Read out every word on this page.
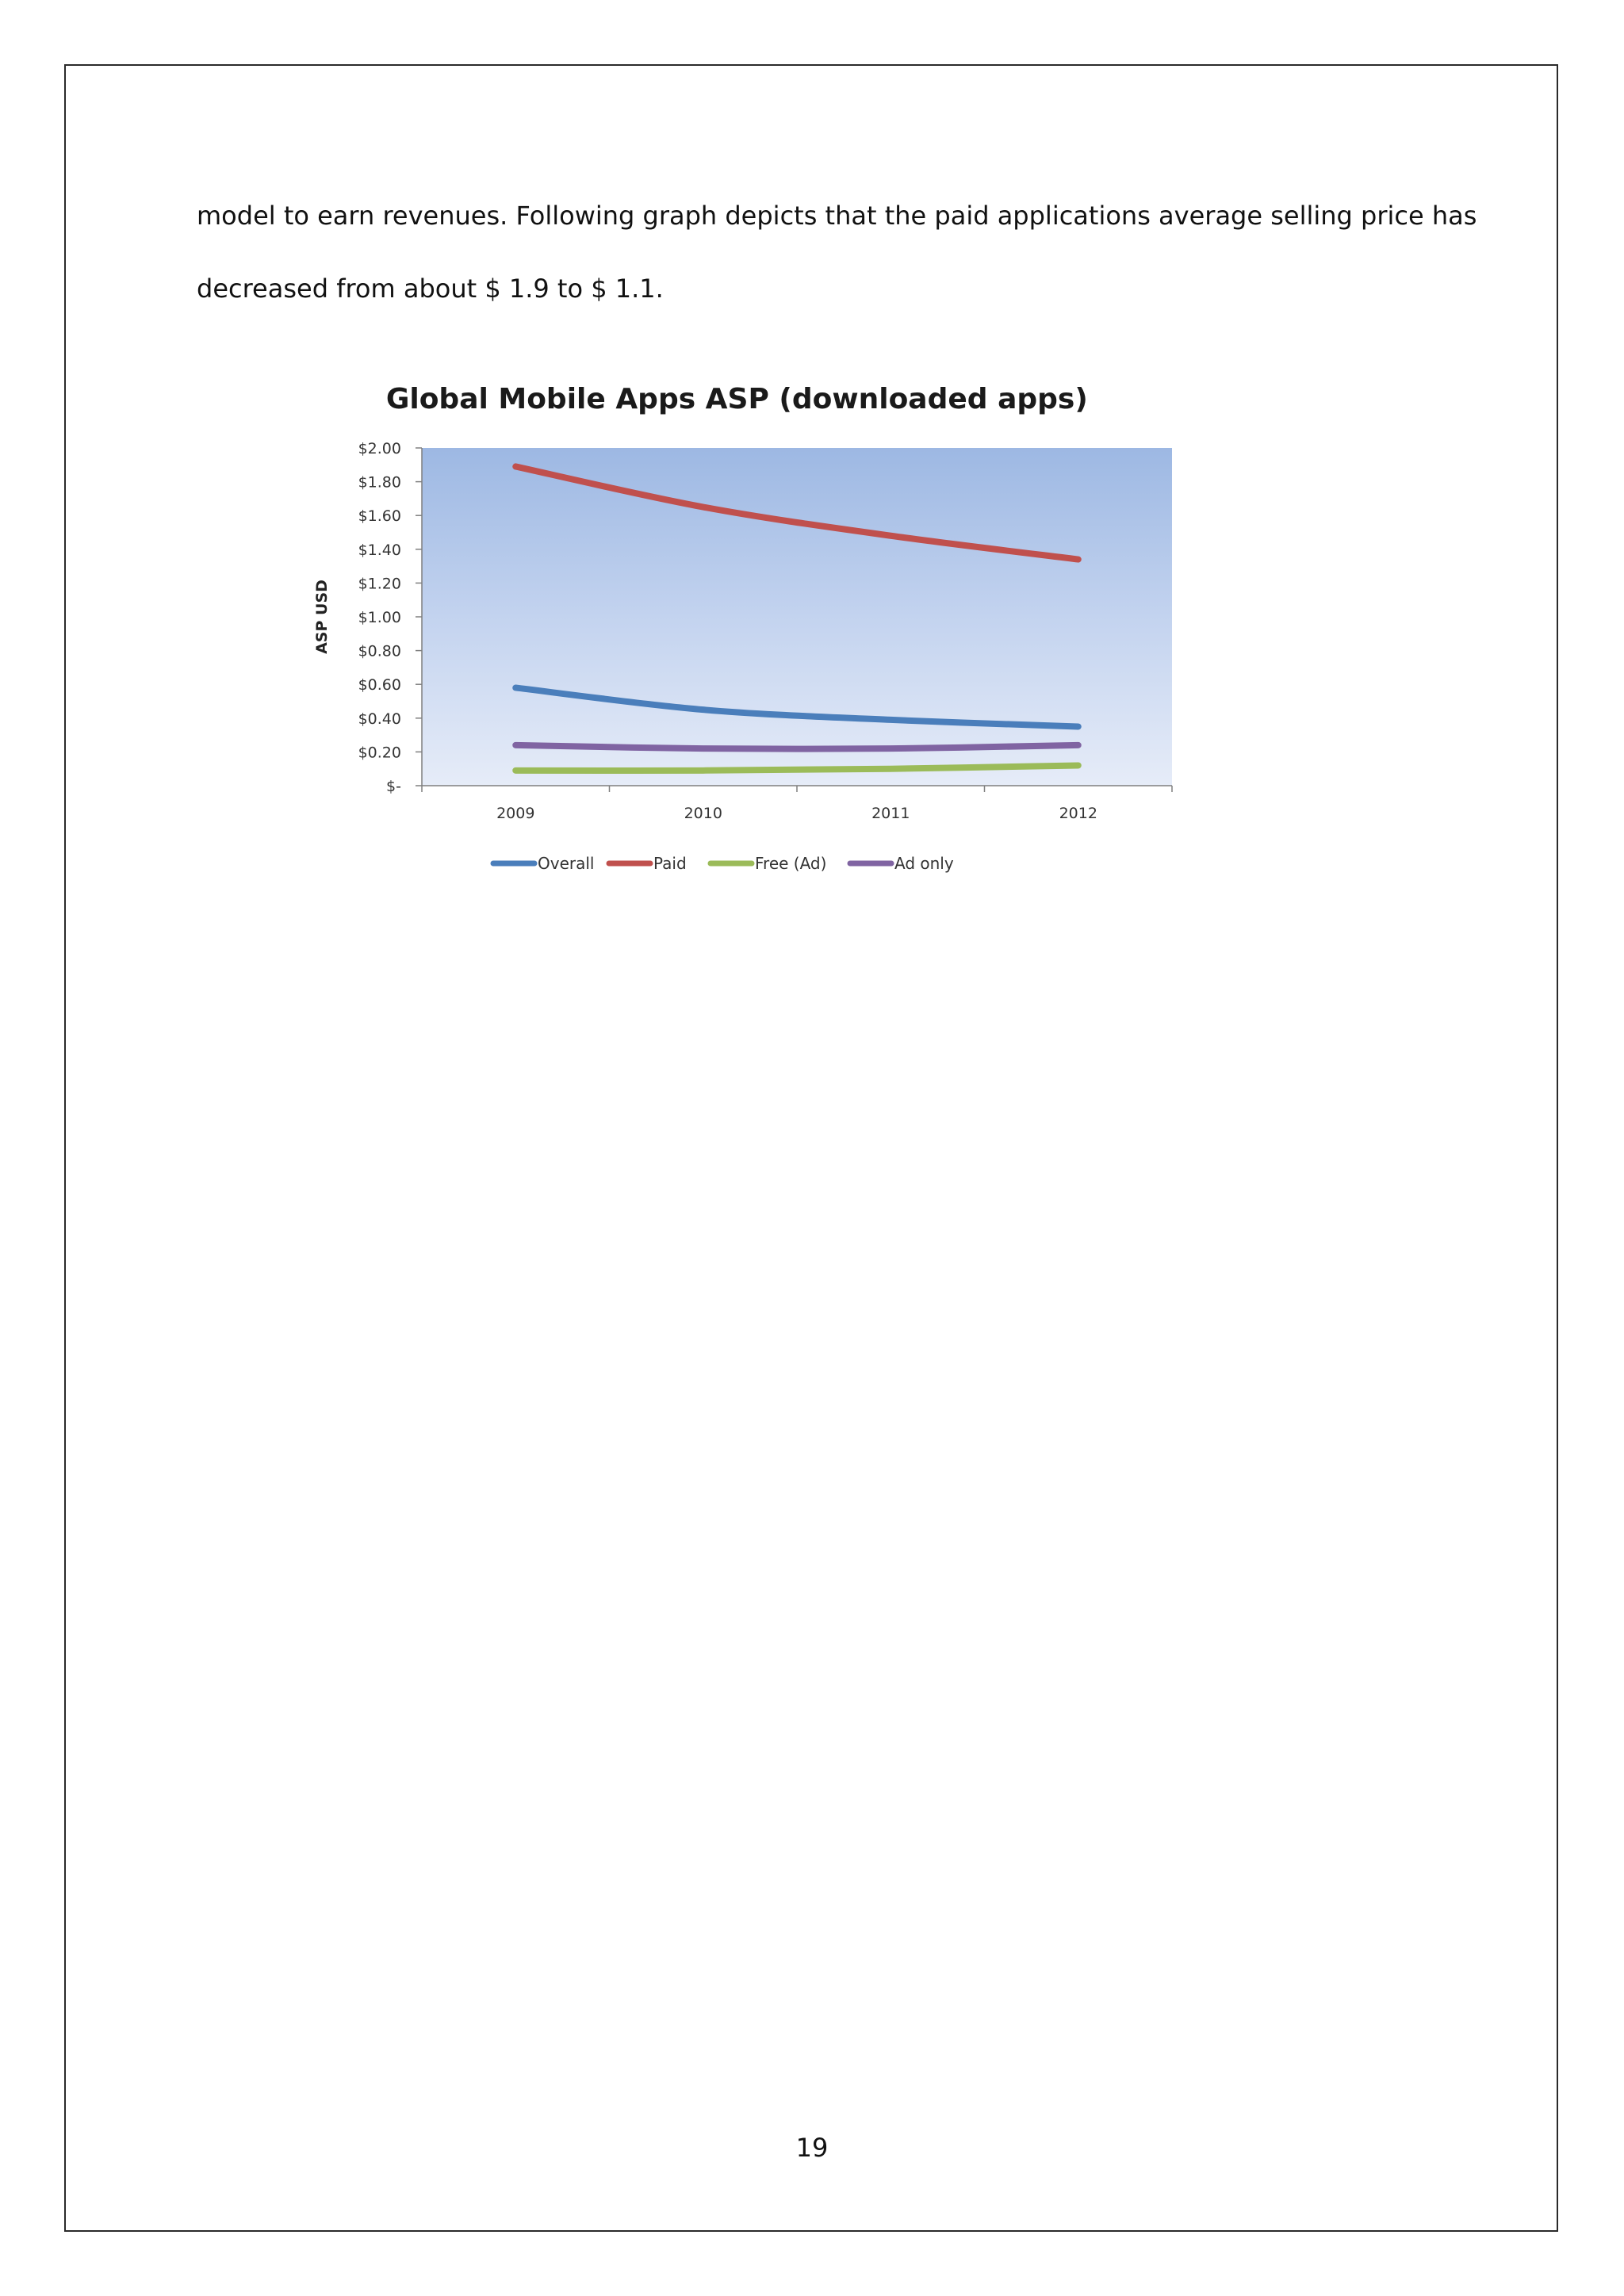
model to earn revenues. Following graph depicts that the paid applications average selling price has
decreased from about $ 1.9 to $ 1.1.
Global Mobile Apps ASP (downloaded apps)
$-
$0.20
$0.40
$0.60
$0.80
$1.00
$1.20
$1.40
$1.60
$1.80
$2.00
2009	2010	2011	2012
ASP USD
Overall	Paid	Free (Ad)	Ad only
19
